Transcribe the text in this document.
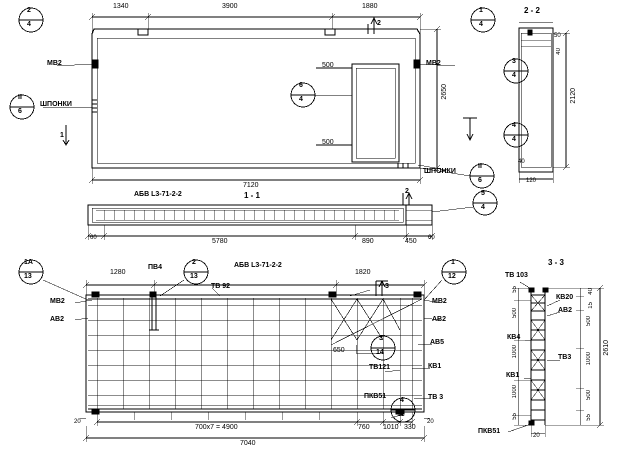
1340	3900	1880
7120
2650
500
500
МВ2	МВ2
ШПОНКИ
ШПОНКИ
2
4
1
4
6
4
II
6
II
6
1
2
2 - 2
2120
50
40
120
40
3
4
4
4
1 - 1
АБВ L3-71-2-2
60	5780	890	450 60
5
4
2
АБВ L3-71-2-2
1280	1820
700x7 = 4900	760 1010 330
7040
20	20
650
МВ2
АВ2
ПВ4
ТВ 92
МВ2
АВ2
АВ5
ТВ121	КВ1
ТВ 3
ПКВ51
1А
13
2
13
3
14
1
12
4
11
3
3 - 3
2610
55
500
1000
1000
55
40
15
500
1000
500
55
20
ТВ 103
КВ20
АВ2
КВ4
ТВ3
КВ1
ПКВ51
